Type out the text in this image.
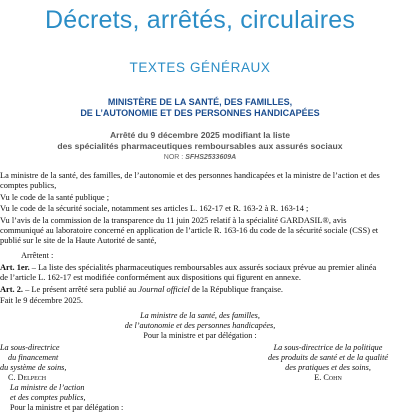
Décrets, arrêtés, circulaires
TEXTES GÉNÉRAUX
MINISTÈRE DE LA SANTÉ, DES FAMILLES,
DE L’AUTONOMIE ET DES PERSONNES HANDICAPÉES
Arrêté du 9 décembre 2025 modifiant la liste
des spécialités pharmaceutiques remboursables aux assurés sociaux
NOR : SFHS2533609A
La ministre de la santé, des familles, de l’autonomie et des personnes handicapées et la ministre de l’action et des
comptes publics,
Vu le code de la santé publique ;
Vu le code de la sécurité sociale, notamment ses articles L. 162-17 et R. 163-2 à R. 163-14 ;
Vu l’avis de la commission de la transparence du 11 juin 2025 relatif à la spécialité GARDASIL®, avis
communiqué au laboratoire concerné en application de l’article R. 163-16 du code de la sécurité sociale (CSS) et
publié sur le site de la Haute Autorité de santé,
Arrêtent :
Art. 1er. – La liste des spécialités pharmaceutiques remboursables aux assurés sociaux prévue au premier alinéa
de l’article L. 162-17 est modifiée conformément aux dispositions qui figurent en annexe.
Art. 2. – Le présent arrêté sera publié au Journal officiel de la République française.
Fait le 9 décembre 2025.
La ministre de la santé, des familles,
de l’autonomie et des personnes handicapées,
Pour la ministre et par délégation :
La sous-directrice
du financement
du système de soins,
C. Delpech
La sous-directrice de la politique
des produits de santé et de la qualité
des pratiques et des soins,
E. Cohn
La ministre de l’action
et des comptes publics,
Pour la ministre et par délégation :
